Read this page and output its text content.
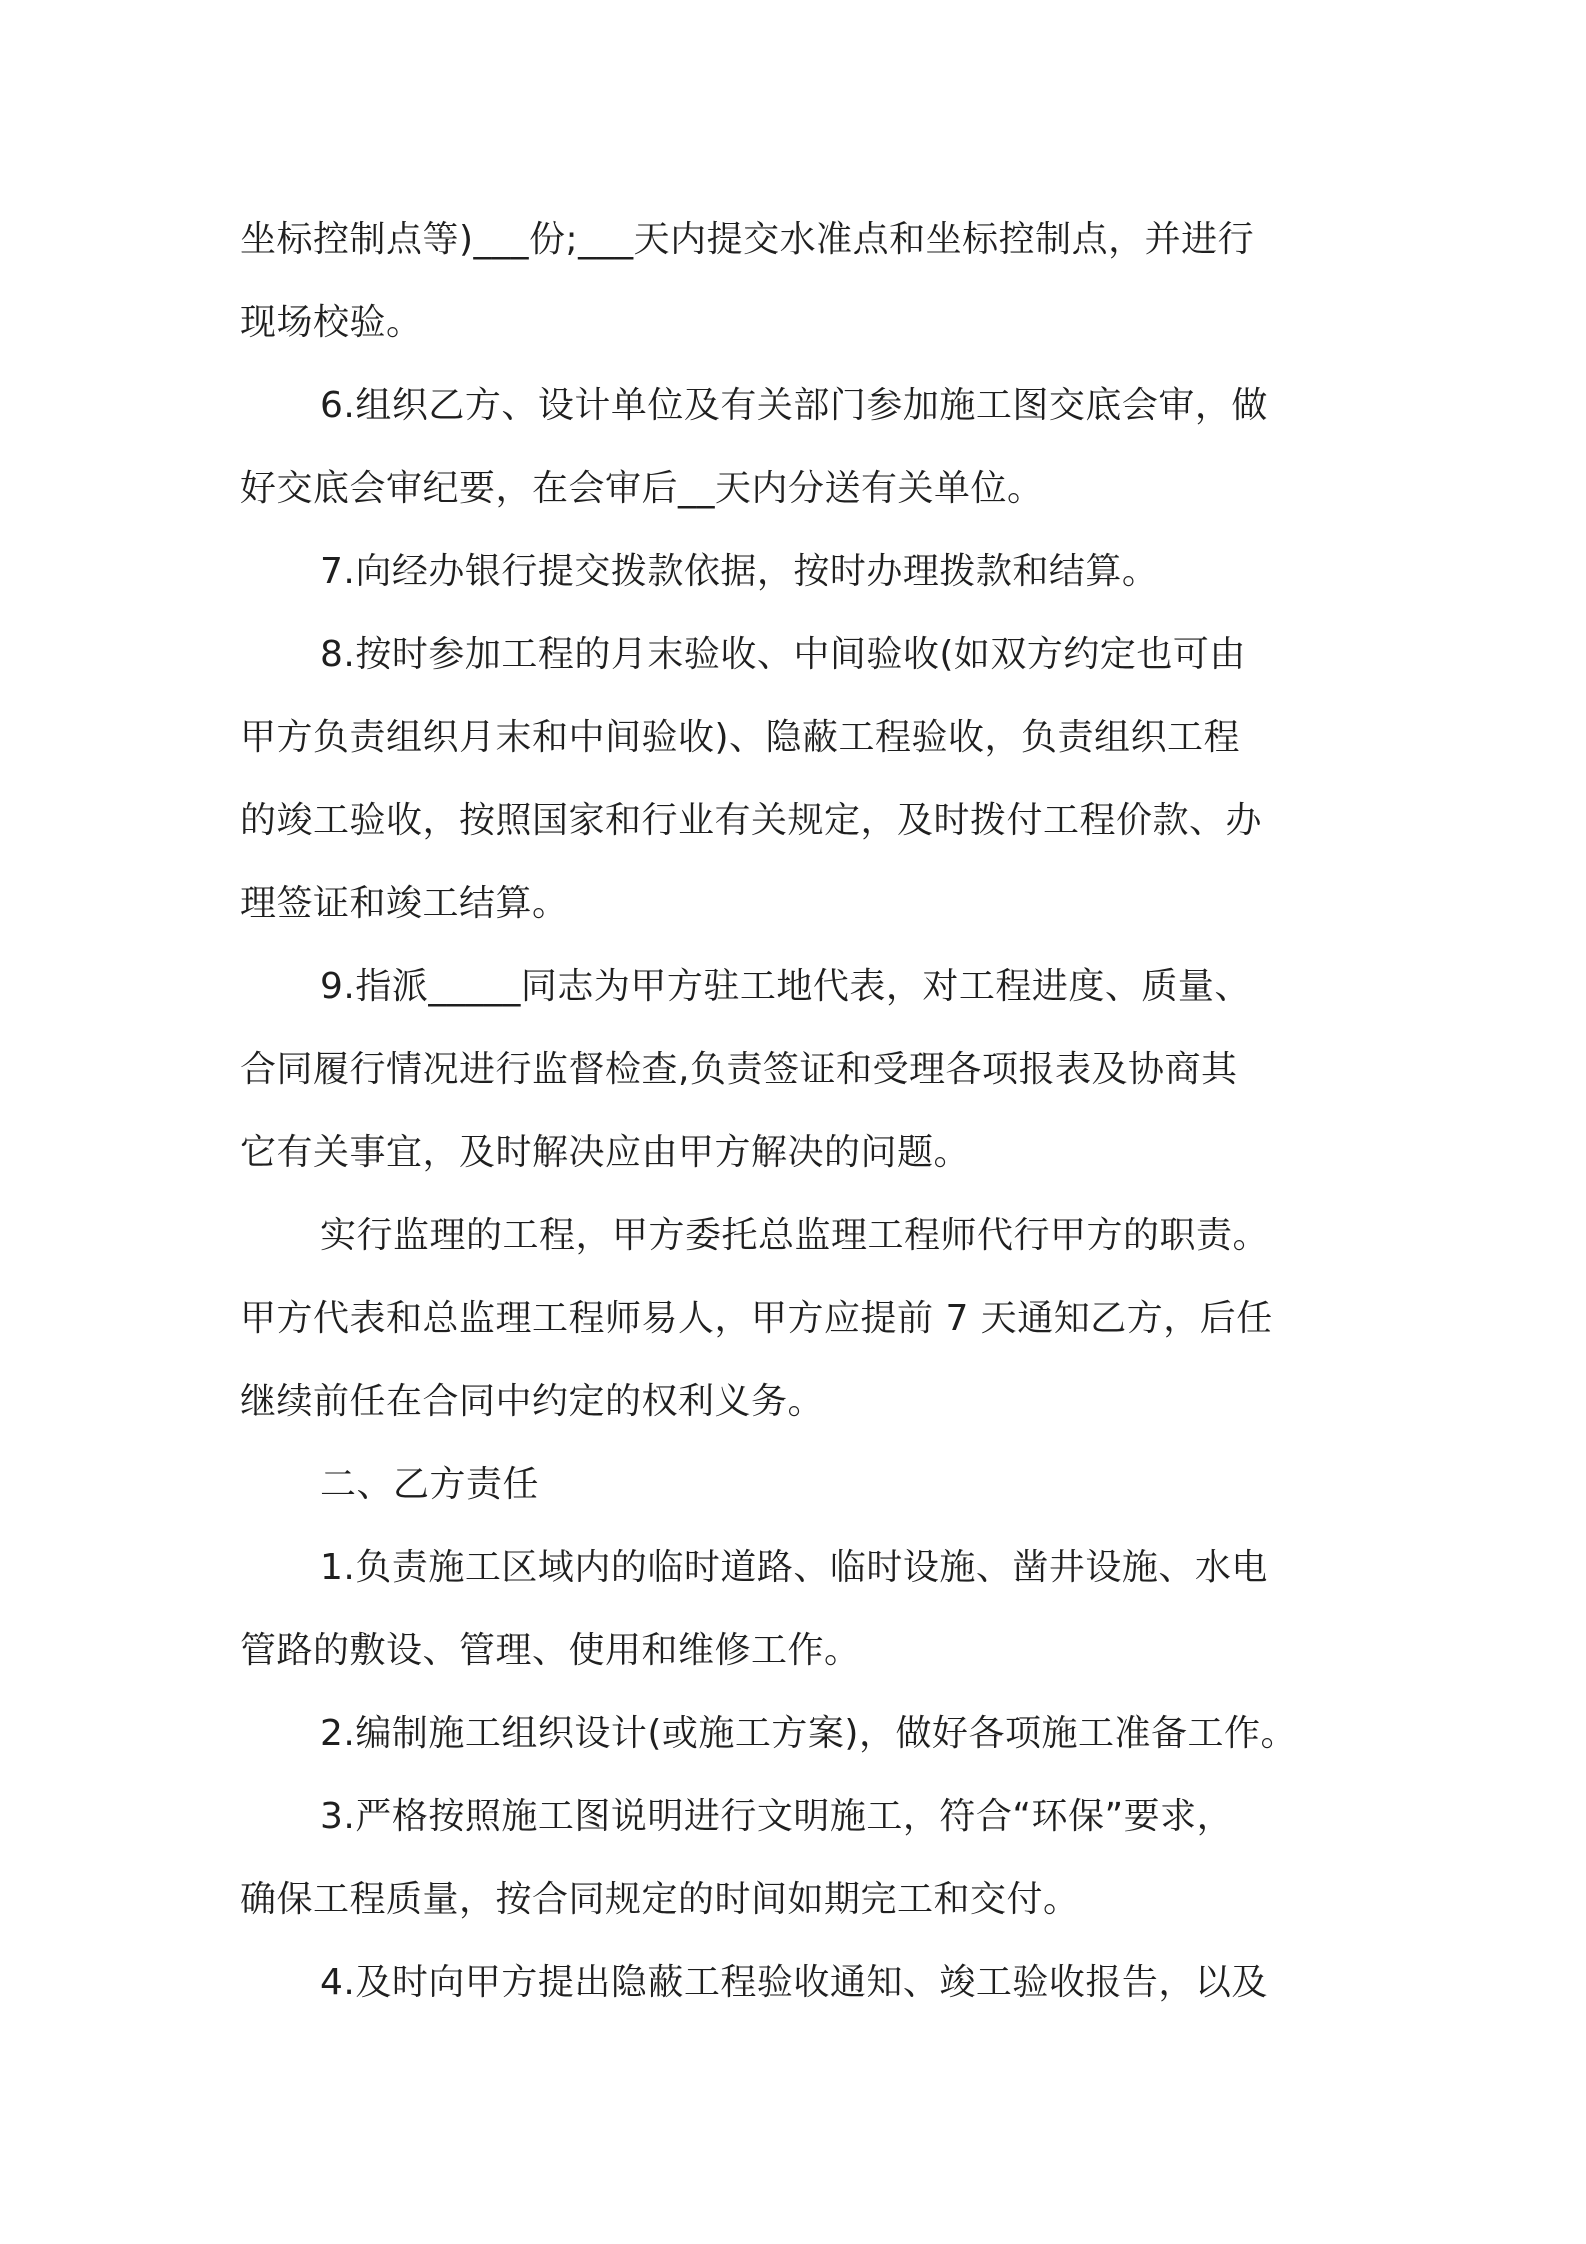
坐标控制点等)___份;___天内提交水准点和坐标控制点，并进行
现场校验。
6.组织乙方、设计单位及有关部门参加施工图交底会审，做
好交底会审纪要，在会审后__天内分送有关单位。
7.向经办银行提交拨款依据，按时办理拨款和结算。
8.按时参加工程的月末验收、中间验收(如双方约定也可由
甲方负责组织月末和中间验收)、隐蔽工程验收，负责组织工程
的竣工验收，按照国家和行业有关规定，及时拨付工程价款、办
理签证和竣工结算。
9.指派_____同志为甲方驻工地代表，对工程进度、质量、
合同履行情况进行监督检查,负责签证和受理各项报表及协商其
它有关事宜，及时解决应由甲方解决的问题。
实行监理的工程，甲方委托总监理工程师代行甲方的职责。
甲方代表和总监理工程师易人，甲方应提前 7 天通知乙方，后任
继续前任在合同中约定的权利义务。
二、乙方责任
1.负责施工区域内的临时道路、临时设施、凿井设施、水电
管路的敷设、管理、使用和维修工作。
2.编制施工组织设计(或施工方案)，做好各项施工准备工作。
3.严格按照施工图说明进行文明施工，符合“环保”要求，
确保工程质量，按合同规定的时间如期完工和交付。
4.及时向甲方提出隐蔽工程验收通知、竣工验收报告，以及
